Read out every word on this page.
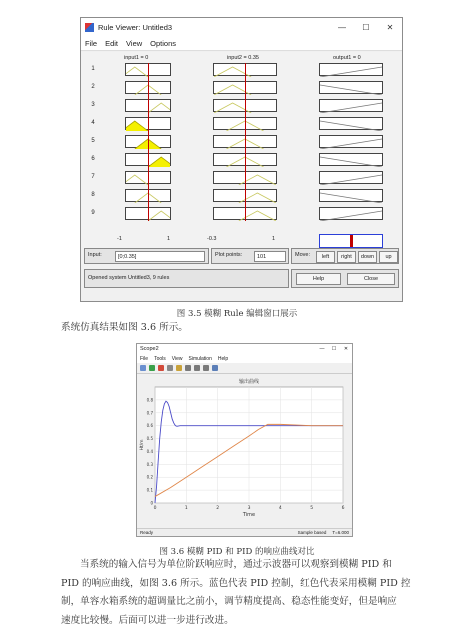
Rule Viewer: Untitled3	—	☐	✕
File Edit View Options
input1 = 0	input2 = 0.35	output1 = 0
1
2
3
4
5
6
7
8
9
-1	1	-0.3	1
Input:	[0;0.35]	Plot points:	101	Move:	left	right	down	up
Opened system Untitled3, 9 rules	Help	Close
图 3.5 模糊 Rule 编辑窗口展示
系统仿真结果如图 3.6 所示。
Scope2	—	☐	✕
File Tools View Simulation Help
输出曲线
0	1	2	3	4	5	6
0
0.1
0.2
0.3
0.4
0.5
0.6
0.7
0.8
Time
Ht/m
Ready	Sample based T=6.000
图 3.6 模糊 PID 和 PID 的响应曲线对比
当系统的输入信号为单位阶跃响应时，通过示波器可以观察到模糊 PID 和
PID 的响应曲线，如图 3.6 所示。蓝色代表 PID 控制，红色代表采用模糊 PID 控
制，单容水箱系统的超调量比之前小，调节精度提高、稳态性能变好，但是响应
速度比较慢。后面可以进一步进行改进。
